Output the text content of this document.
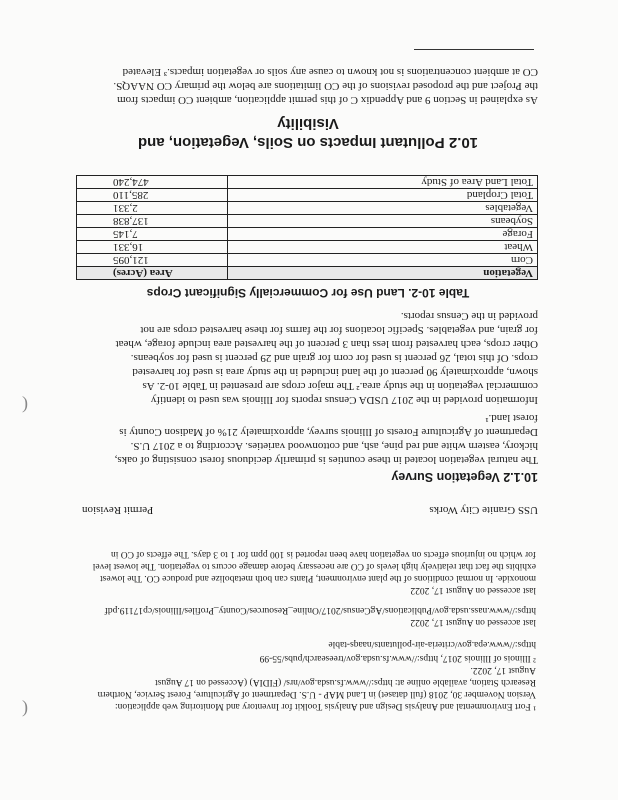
¹ Fort Environmental and Analysis Design and Analysis Toolkit for Inventory and Monitoring web application:
Version November 30, 2018 (full dataset) in Land MAP - U.S. Department of Agriculture, Forest Service, Northern
Research Station, available online at: https://www.fs.usda.gov/nrs/ (FIDIA) (Accessed on 17 August
August 17, 2022.
² Illinois of Illinois 2017, https://www.fs.usda.gov/treesearch/pubs/55-99
https://www.epa.gov/criteria-air-pollutants/naaqs-table
last accessed on August 17, 2022
https://www.nass.usda.gov/Publications/AgCensus/2017/Online_Resources/County_Profiles/Illinois/cp17119.pdf
last accessed on August 17, 2022
monoxide. In normal conditions of the plant environment, Plants can both metabolize and produce CO. The lowest
exhibits the fact that relatively high levels of CO are necessary before damage occurs to vegetation. The lowest level
for which no injurious effects on vegetation have been reported is 100 ppm for 1 to 3 days. The effects of CO in
USS Granite City Works
Permit Revision
10.1.2 Vegetation Survey
The natural vegetation located in these counties is primarily deciduous forest consisting of oaks,
hickory, eastern white and red pine, ash, and cottonwood varieties. According to a 2017 U.S.
Department of Agriculture Forests of Illinois survey, approximately 21% of Madison County is
forest land.¹
Information provided in the 2017 USDA Census reports for Illinois was used to identify
commercial vegetation in the study area.² The major crops are presented in Table 10-2. As
shown, approximately 90 percent of the land included in the study area is used for harvested
crops. Of this total, 26 percent is used for corn for grain and 29 percent is used for soybeans.
Other crops, each harvested from less than 3 percent of the harvested area include forage, wheat
for grain, and vegetables. Specific locations for the farms for these harvested crops are not
provided in the Census reports.
Table 10-2. Land Use for Commercially Significant Crops
Vegetation	Area (Acres)
Corn	121,095
Wheat	16,331
Forage	7,145
Soybeans	137,838
Vegetables	2,331
Total Cropland	285,110
Total Land Area of Study	474,240
10.2 Pollutant Impacts on Soils, Vegetation, and
Visibility
As explained in Section 9 and Appendix C of this permit application, ambient CO impacts from
the Project and the proposed revisions of the CO limitations are below the primary CO NAAQS.
CO at ambient concentrations is not known to cause any soils or vegetation impacts.³ Elevated
(
(
